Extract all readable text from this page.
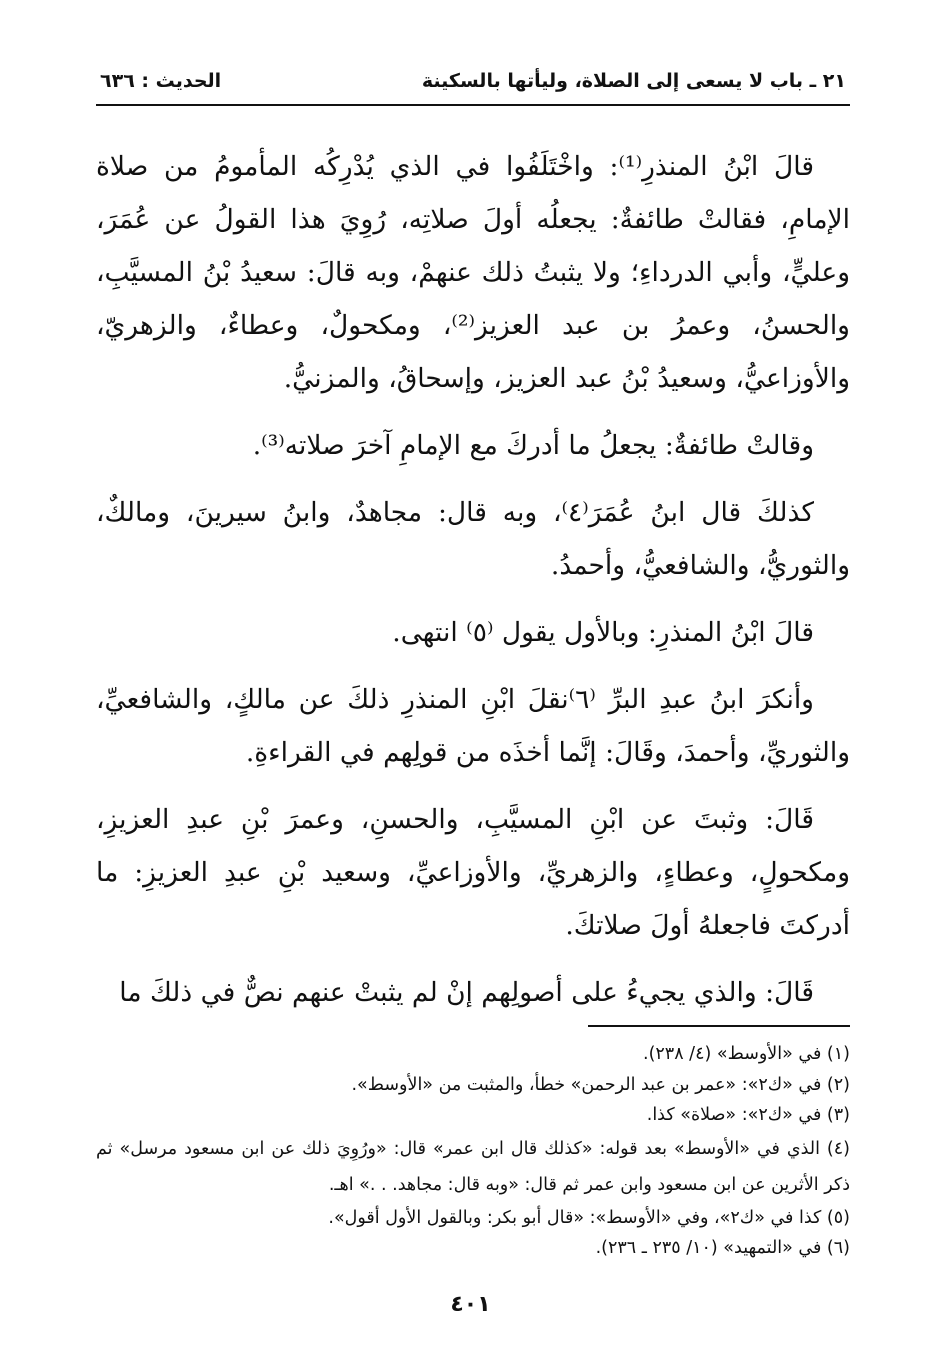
٢١ ـ باب لا يسعى إلى الصلاة، وليأتها بالسكينة
الحديث : ٦٣٦

قالَ ابْنُ المنذرِ⁽¹⁾: واخْتَلَفُوا في الذي يُدْرِكُه المأمومُ من صلاة الإمامِ، فقالتْ طائفةٌ: يجعلُه أولَ صلاتِه، رُوِيَ هذا القولُ عن عُمَرَ، وعليٍّ، وأبي الدرداءِ؛ ولا يثبتُ ذلك عنهمْ، وبه قالَ: سعيدُ بْنُ المسيَّبِ، والحسنُ، وعمرُ بن عبد العزيز⁽²⁾، ومكحولٌ، وعطاءٌ، والزهريّ، والأوزاعيُّ، وسعيدُ بْنُ عبد العزيز، وإسحاقُ، والمزنيُّ.

وقالتْ طائفةٌ: يجعلُ ما أدركَ مع الإمامِ آخرَ صلاته⁽³⁾.

كذلكَ قال ابنُ عُمَرَ⁽٤⁾، وبه قال: مجاهدٌ، وابنُ سيرينَ، ومالكٌ، والثوريُّ، والشافعيُّ، وأحمدُ.

قالَ ابْنُ المنذرِ: وبالأول يقول ⁽٥⁾ انتهى.

وأنكرَ ابنُ عبدِ البرِّ ⁽٦⁾نقلَ ابْنِ المنذرِ ذلكَ عن مالكٍ، والشافعيِّ، والثوريِّ، وأحمدَ، وقَالَ: إنَّما أخذَه من قولِهم في القراءةِ.

قَالَ: وثبتَ عن ابْنِ المسيَّبِ، والحسنِ، وعمرَ بْنِ عبدِ العزيزِ، ومكحولٍ، وعطاءٍ، والزهريِّ، والأوزاعيِّ، وسعيد بْنِ عبدِ العزيزِ: ما أدركتَ فاجعلهُ أولَ صلاتكَ.

قَالَ: والذي يجيءُ على أصولِهم إنْ لم يثبتْ عنهم نصٌّ في ذلكَ ما

(١) في «الأوسط» (٤/ ٢٣٨).

(٢) في «ك٢»: «عمر بن عبد الرحمن» خطأ، والمثبت من «الأوسط».

(٣) في «ك٢»: «صلاة» كذا.

(٤) الذي في «الأوسط» بعد قوله: «كذلك قال ابن عمر» قال: «ورُوِيَ ذلك عن ابن مسعود مرسل» ثم ذكر الأثرين عن ابن مسعود وابن عمر ثم قال: «وبه قال: مجاهد. . .» اهـ.

(٥) كذا في «ك٢»، وفي «الأوسط»: «قال أبو بكر: وبالقول الأول أقول».

(٦) في «التمهيد» (١٠/ ٢٣٥ ـ ٢٣٦).

٤٠١
